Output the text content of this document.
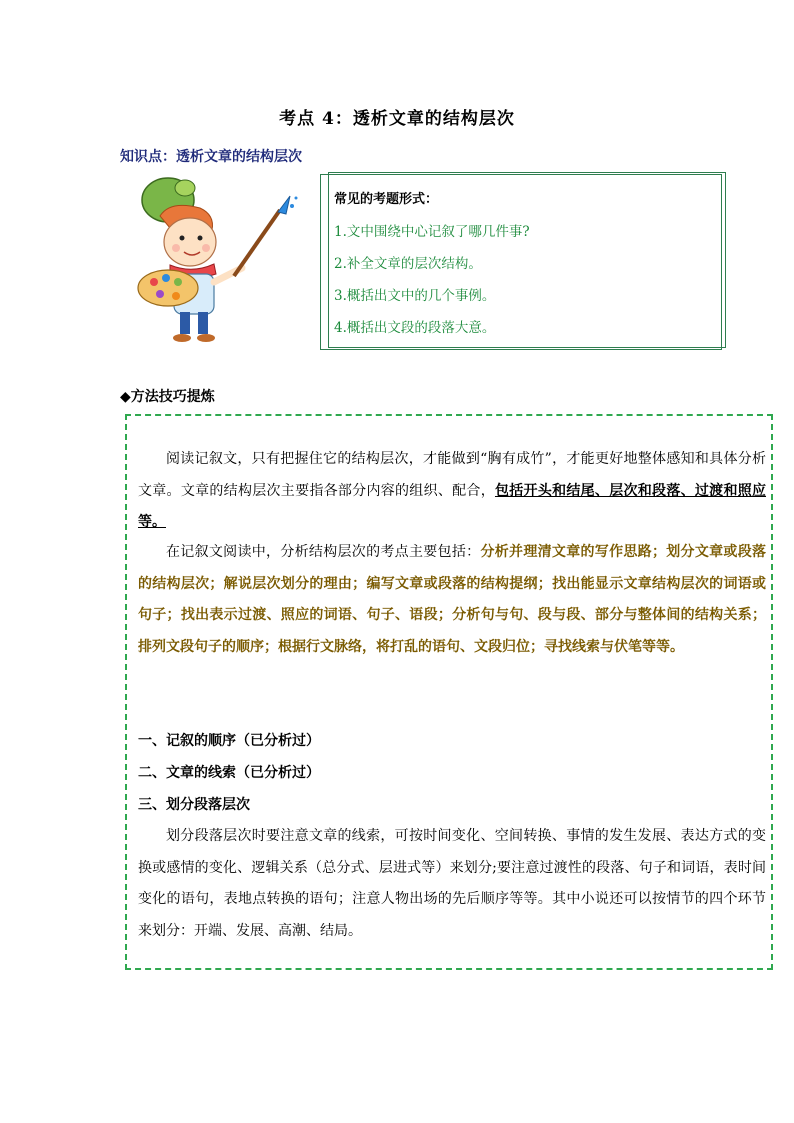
考点 4：透析文章的结构层次
知识点：透析文章的结构层次
常见的考题形式：
1.文中围绕中心记叙了哪几件事?
2.补全文章的层次结构。
3.概括出文中的几个事例。
4.概括出文段的段落大意。
◆方法技巧提炼
阅读记叙文，只有把握住它的结构层次，才能做到“胸有成竹”，才能更好地整体感知和具体分析文章。文章的结构层次主要指各部分内容的组织、配合，包括开头和结尾、层次和段落、过渡和照应等。
在记叙文阅读中，分析结构层次的考点主要包括：分析并理清文章的写作思路；划分文章或段落的结构层次；解说层次划分的理由；编写文章或段落的结构提纲；找出能显示文章结构层次的词语或句子；找出表示过渡、照应的词语、句子、语段；分析句与句、段与段、部分与整体间的结构关系；排列文段句子的顺序；根据行文脉络，将打乱的语句、文段归位；寻找线索与伏笔等等。
一、记叙的顺序（已分析过）
二、文章的线索（已分析过）
三、划分段落层次
划分段落层次时要注意文章的线索，可按时间变化、空间转换、事情的发生发展、表达方式的变换或感情的变化、逻辑关系（总分式、层进式等）来划分;要注意过渡性的段落、句子和词语，表时间变化的语句，表地点转换的语句；注意人物出场的先后顺序等等。其中小说还可以按情节的四个环节来划分：开端、发展、高潮、结局。
